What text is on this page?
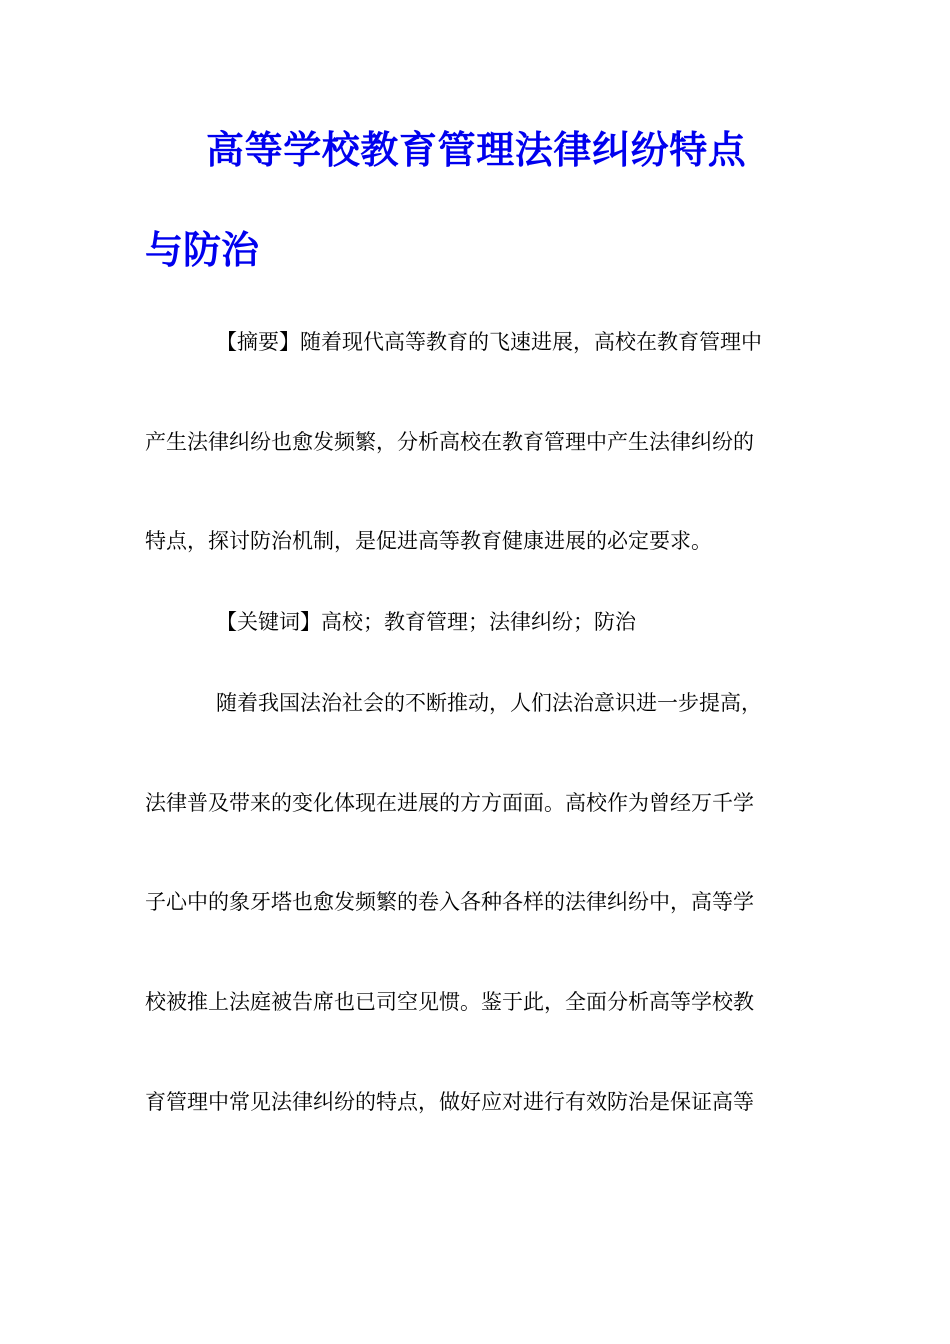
高等学校教育管理法律纠纷特点
与防治

【摘要】随着现代高等教育的飞速进展，高校在教育管理中

产生法律纠纷也愈发频繁，分析高校在教育管理中产生法律纠纷的

特点，探讨防治机制，是促进高等教育健康进展的必定要求。

【关键词】高校；教育管理；法律纠纷；防治

随着我国法治社会的不断推动，人们法治意识进一步提高，

法律普及带来的变化体现在进展的方方面面。高校作为曾经万千学

子心中的象牙塔也愈发频繁的卷入各种各样的法律纠纷中，高等学

校被推上法庭被告席也已司空见惯。鉴于此，全面分析高等学校教

育管理中常见法律纠纷的特点，做好应对进行有效防治是保证高等
